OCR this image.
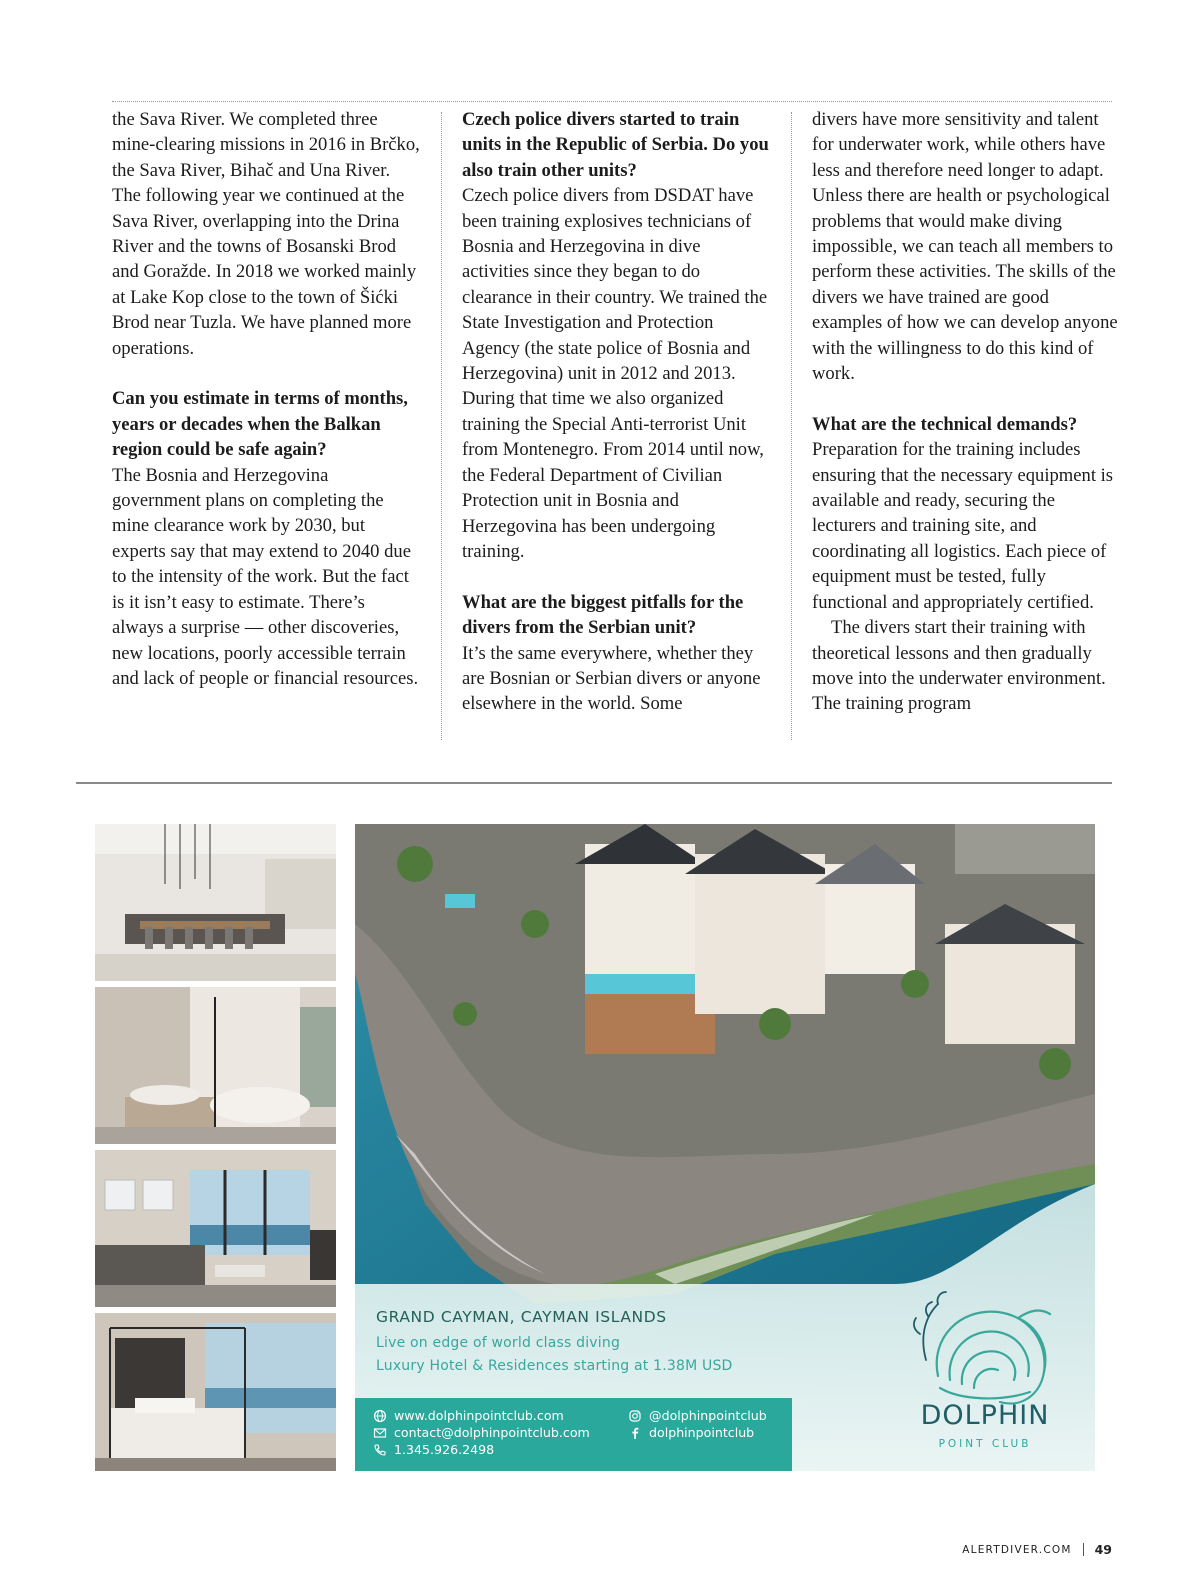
the Sava River. We completed three mine-clearing missions in 2016 in Brčko, the Sava River, Bihač and Una River. The following year we continued at the Sava River, overlapping into the Drina River and the towns of Bosanski Brod and Goražde. In 2018 we worked mainly at Lake Kop close to the town of Šićki Brod near Tuzla. We have planned more operations.

Can you estimate in terms of months, years or decades when the Balkan region could be safe again?
The Bosnia and Herzegovina government plans on completing the mine clearance work by 2030, but experts say that may extend to 2040 due to the intensity of the work. But the fact is it isn’t easy to estimate. There’s always a surprise — other discoveries, new locations, poorly accessible terrain and lack of people or financial resources.

Czech police divers started to train units in the Republic of Serbia. Do you also train other units?
Czech police divers from DSDAT have been training explosives technicians of Bosnia and Herzegovina in dive activities since they began to do clearance in their country. We trained the State Investigation and Protection Agency (the state police of Bosnia and Herzegovina) unit in 2012 and 2013. During that time we also organized training the Special Anti-terrorist Unit from Montenegro. From 2014 until now, the Federal Department of Civilian Protection unit in Bosnia and Herzegovina has been undergoing training.

What are the biggest pitfalls for the divers from the Serbian unit?
It’s the same everywhere, whether they are Bosnian or Serbian divers or anyone elsewhere in the world. Some

divers have more sensitivity and talent for underwater work, while others have less and therefore need longer to adapt. Unless there are health or psychological problems that would make diving impossible, we can teach all members to perform these activities. The skills of the divers we have trained are good examples of how we can develop anyone with the willingness to do this kind of work.

What are the technical demands?
Preparation for the training includes ensuring that the necessary equipment is available and ready, securing the lecturers and training site, and coordinating all logistics. Each piece of equipment must be tested, fully functional and appropriately certified.

The divers start their training with theoretical lessons and then gradually move into the underwater environment. The training program

GRAND CAYMAN, CAYMAN ISLANDS
Live on edge of world class diving
Luxury Hotel & Residences starting at 1.38M USD
www.dolphinpointclub.com
contact@dolphinpointclub.com
1.345.926.2498
@dolphinpointclub
dolphinpointclub
DOLPHIN
POINT CLUB
ALERTDIVER.COM 49
